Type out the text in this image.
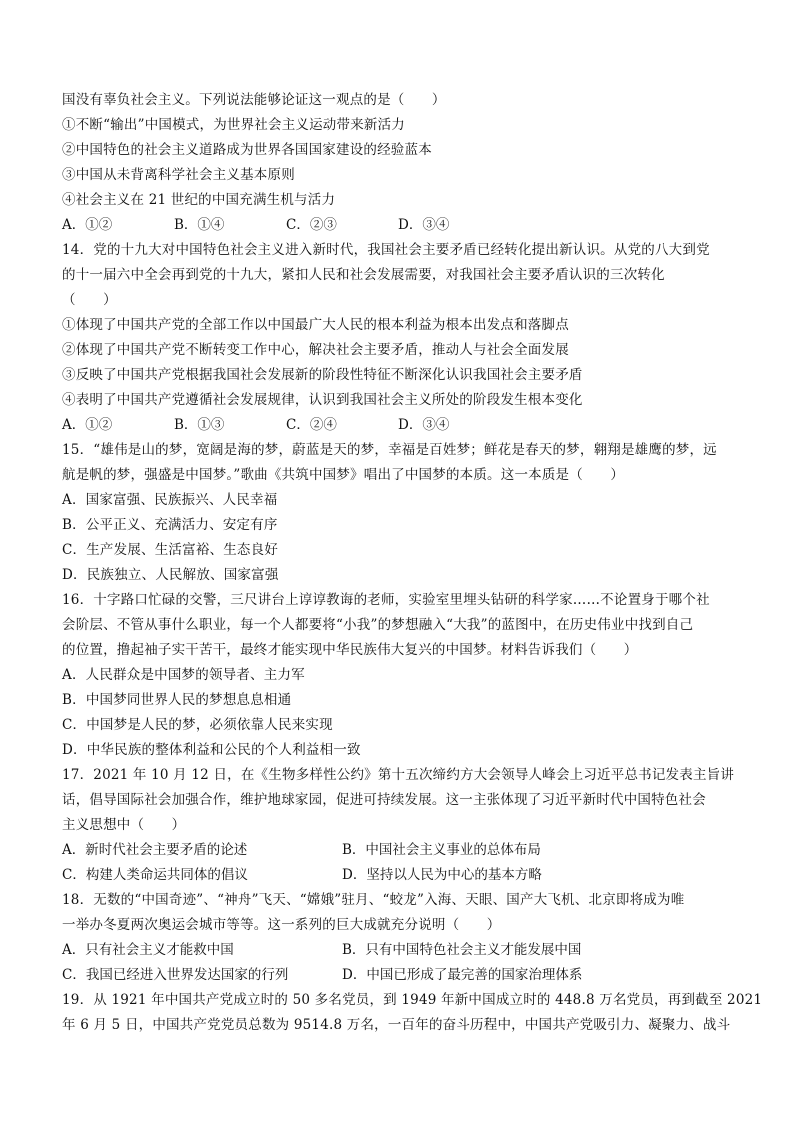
国没有辜负社会主义。下列说法能够论证这一观点的是（　　）
①不断“输出”中国模式，为世界社会主义运动带来新活力
②中国特色的社会主义道路成为世界各国国家建设的经验蓝本
③中国从未背离科学社会主义基本原则
④社会主义在 21 世纪的中国充满生机与活力
A．①②	B．①④	C．②③	D．③④
14．党的十九大对中国特色社会主义进入新时代，我国社会主要矛盾已经转化提出新认识。从党的八大到党
的十一届六中全会再到党的十九大，紧扣人民和社会发展需要，对我国社会主要矛盾认识的三次转化
（　　）
①体现了中国共产党的全部工作以中国最广大人民的根本利益为根本出发点和落脚点
②体现了中国共产党不断转变工作中心，解决社会主要矛盾，推动人与社会全面发展
③反映了中国共产党根据我国社会发展新的阶段性特征不断深化认识我国社会主要矛盾
④表明了中国共产党遵循社会发展规律，认识到我国社会主义所处的阶段发生根本变化
A．①②	B．①③	C．②④	D．③④
15．“雄伟是山的梦，宽阔是海的梦，蔚蓝是天的梦，幸福是百姓梦；鲜花是春天的梦，翱翔是雄鹰的梦，远
航是帆的梦，强盛是中国梦。”歌曲《共筑中国梦》唱出了中国梦的本质。这一本质是（　　）
A．国家富强、民族振兴、人民幸福
B．公平正义、充满活力、安定有序
C．生产发展、生活富裕、生态良好
D．民族独立、人民解放、国家富强
16．十字路口忙碌的交警，三尺讲台上谆谆教诲的老师，实验室里埋头钻研的科学家……不论置身于哪个社
会阶层、不管从事什么职业，每一个人都要将“小我”的梦想融入“大我”的蓝图中，在历史伟业中找到自己
的位置，撸起袖子实干苦干，最终才能实现中华民族伟大复兴的中国梦。材料告诉我们（　　）
A．人民群众是中国梦的领导者、主力军
B．中国梦同世界人民的梦想息息相通
C．中国梦是人民的梦，必须依靠人民来实现
D．中华民族的整体利益和公民的个人利益相一致
17．2021 年 10 月 12 日，在《生物多样性公约》第十五次缔约方大会领导人峰会上习近平总书记发表主旨讲
话，倡导国际社会加强合作，维护地球家园，促进可持续发展。这一主张体现了习近平新时代中国特色社会
主义思想中（　　）
A．新时代社会主要矛盾的论述	B．中国社会主义事业的总体布局
C．构建人类命运共同体的倡议	D．坚持以人民为中心的基本方略
18．无数的“中国奇迹”、“神舟”飞天、“嫦娥”驻月、“蛟龙”入海、天眼、国产大飞机、北京即将成为唯
一举办冬夏两次奥运会城市等等。这一系列的巨大成就充分说明（　　）
A．只有社会主义才能救中国	B．只有中国特色社会主义才能发展中国
C．我国已经进入世界发达国家的行列	D．中国已形成了最完善的国家治理体系
19．从 1921 年中国共产党成立时的 50 多名党员，到 1949 年新中国成立时的 448.8 万名党员，再到截至 2021
年 6 月 5 日，中国共产党党员总数为 9514.8 万名，一百年的奋斗历程中，中国共产党吸引力、凝聚力、战斗
